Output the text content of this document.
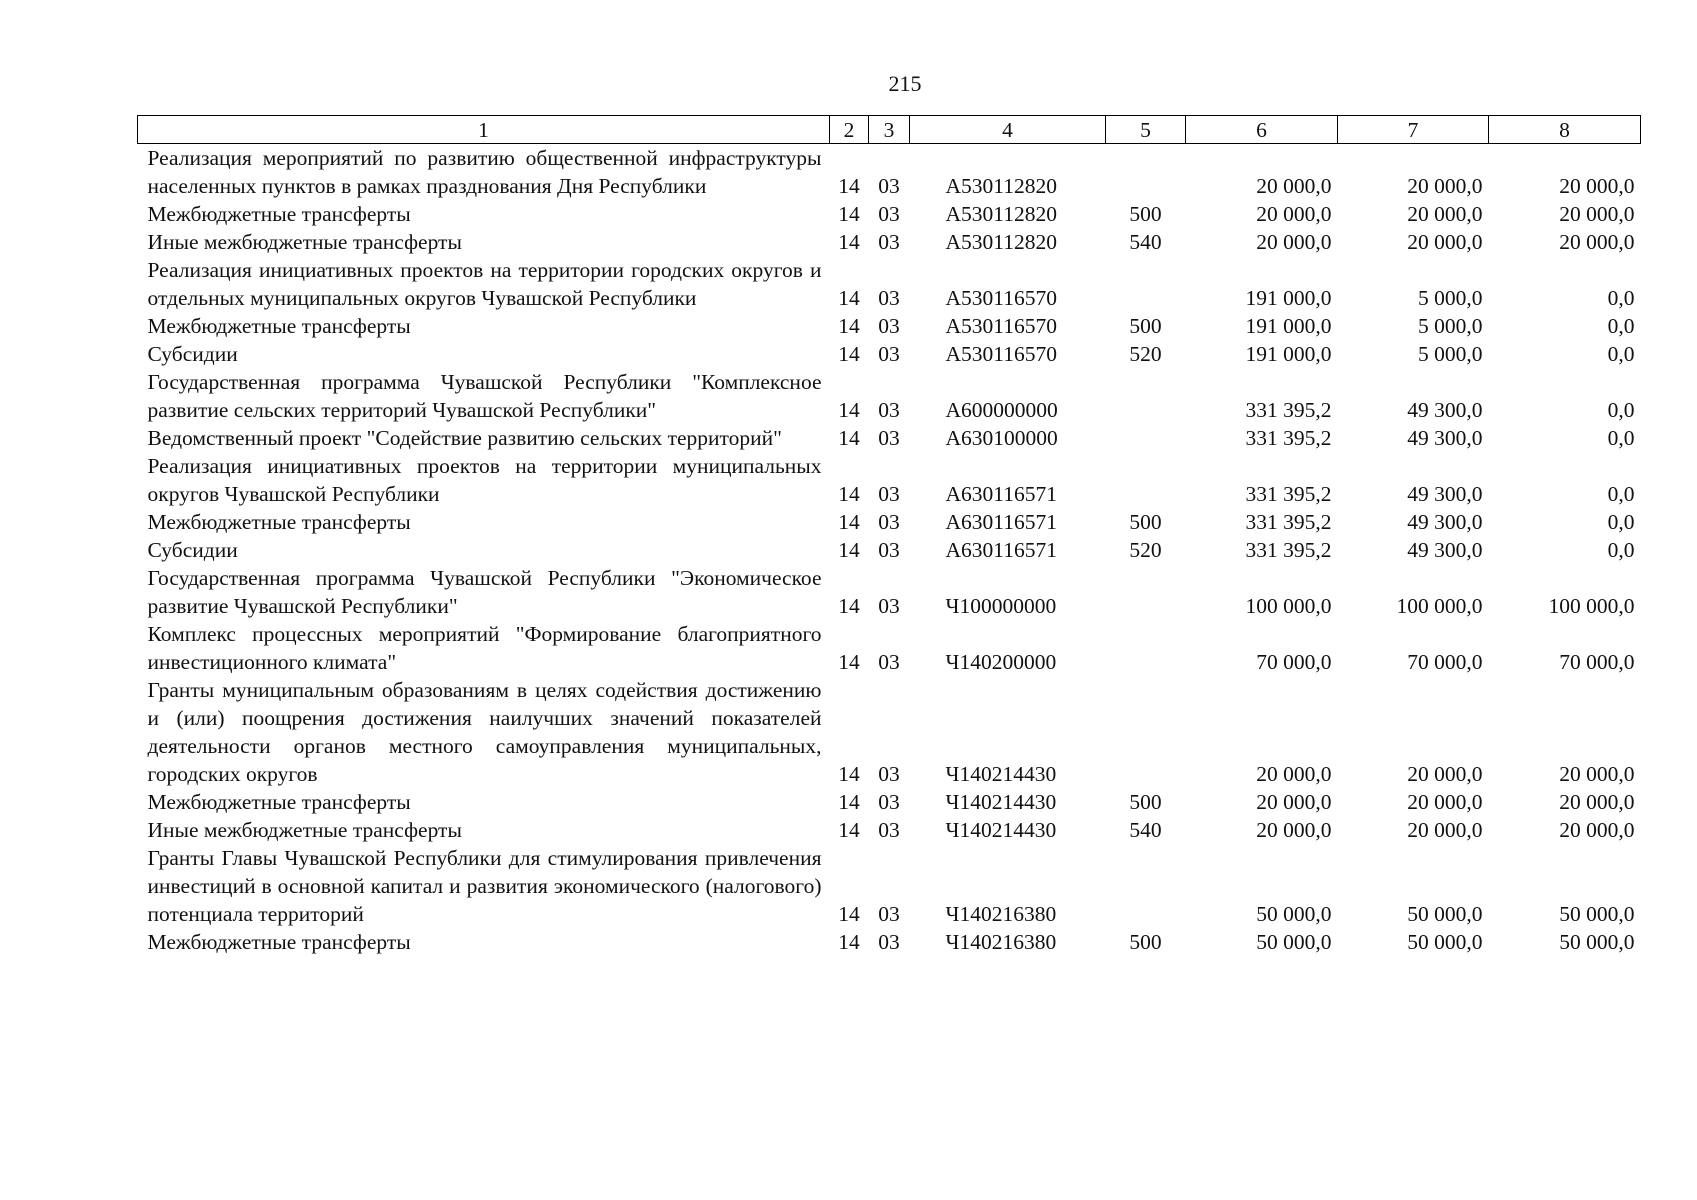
215
1	2	3	4	5	6	7	8
Реализация мероприятий по развитию общественной инфраструктуры населенных пунктов в рамках празднования Дня Республики	14	03	А530112820		20 000,0	20 000,0	20 000,0
Межбюджетные трансферты	14	03	А530112820	500	20 000,0	20 000,0	20 000,0
Иные межбюджетные трансферты	14	03	А530112820	540	20 000,0	20 000,0	20 000,0
Реализация инициативных проектов на территории городских округов и отдельных муниципальных округов Чувашской Республики	14	03	А530116570		191 000,0	5 000,0	0,0
Межбюджетные трансферты	14	03	А530116570	500	191 000,0	5 000,0	0,0
Субсидии	14	03	А530116570	520	191 000,0	5 000,0	0,0
Государственная программа Чувашской Республики "Комплексное развитие сельских территорий Чувашской Республики"	14	03	А600000000		331 395,2	49 300,0	0,0
Ведомственный проект "Содействие развитию сельских территорий"	14	03	А630100000		331 395,2	49 300,0	0,0
Реализация инициативных проектов на территории муниципальных округов Чувашской Республики	14	03	А630116571		331 395,2	49 300,0	0,0
Межбюджетные трансферты	14	03	А630116571	500	331 395,2	49 300,0	0,0
Субсидии	14	03	А630116571	520	331 395,2	49 300,0	0,0
Государственная программа Чувашской Республики "Экономическое развитие Чувашской Республики"	14	03	Ч100000000		100 000,0	100 000,0	100 000,0
Комплекс процессных мероприятий "Формирование благоприятного инвестиционного климата"	14	03	Ч140200000		70 000,0	70 000,0	70 000,0
Гранты муниципальным образованиям в целях содействия достижению и (или) поощрения достижения наилучших значений показателей деятельности органов местного самоуправления муниципальных, городских округов	14	03	Ч140214430		20 000,0	20 000,0	20 000,0
Межбюджетные трансферты	14	03	Ч140214430	500	20 000,0	20 000,0	20 000,0
Иные межбюджетные трансферты	14	03	Ч140214430	540	20 000,0	20 000,0	20 000,0
Гранты Главы Чувашской Республики для стимулирования привлечения инвестиций в основной капитал и развития экономического (налогового) потенциала территорий	14	03	Ч140216380		50 000,0	50 000,0	50 000,0
Межбюджетные трансферты	14	03	Ч140216380	500	50 000,0	50 000,0	50 000,0
